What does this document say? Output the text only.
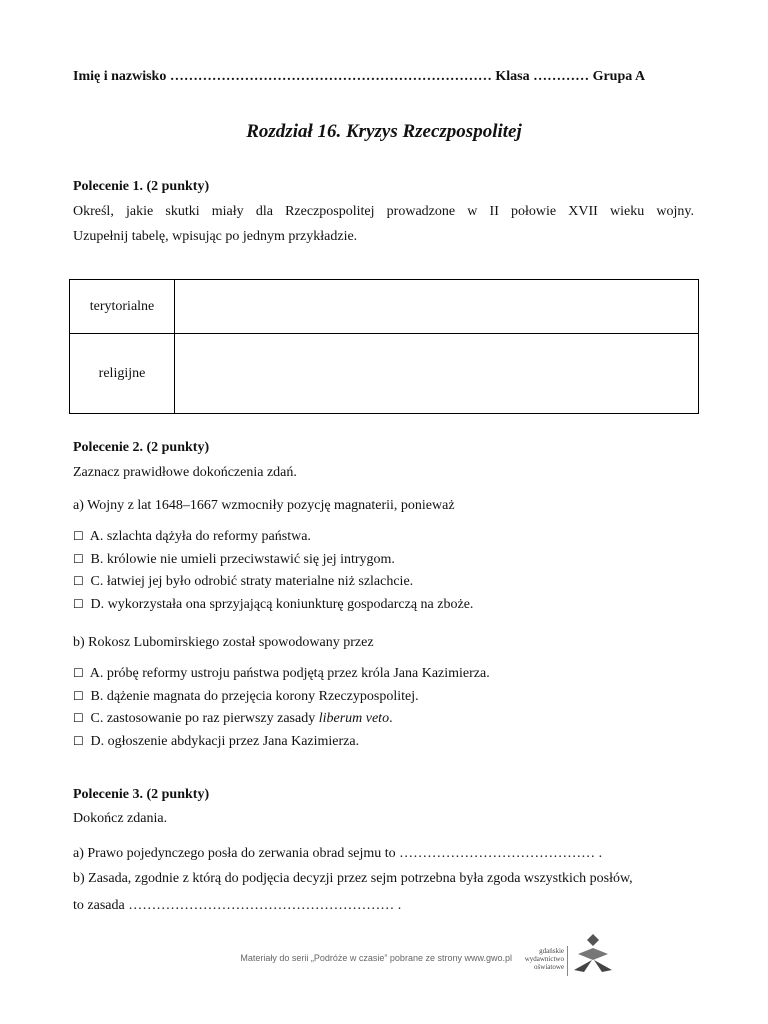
Imię i nazwisko …………………………………………………………… Klasa ………… Grupa A
Rozdział 16. Kryzys Rzeczpospolitej
Polecenie 1. (2 punkty)
Określ, jakie skutki miały dla Rzeczpospolitej prowadzone w II połowie XVII wieku wojny.
Uzupełnij tabelę, wpisując po jednym przykładzie.
terytorialne	
religijne	
Polecenie 2. (2 punkty)
Zaznacz prawidłowe dokończenia zdań.
a) Wojny z lat 1648–1667 wzmocniły pozycję magnaterii, ponieważ
☐ A. szlachta dążyła do reformy państwa.
☐ B. królowie nie umieli przeciwstawić się jej intrygom.
☐ C. łatwiej jej było odrobić straty materialne niż szlachcie.
☐ D. wykorzystała ona sprzyjającą koniunkturę gospodarczą na zboże.
b) Rokosz Lubomirskiego został spowodowany przez
☐ A. próbę reformy ustroju państwa podjętą przez króla Jana Kazimierza.
☐ B. dążenie magnata do przejęcia korony Rzeczypospolitej.
☐ C. zastosowanie po raz pierwszy zasady liberum veto.
☐ D. ogłoszenie abdykacji przez Jana Kazimierza.
Polecenie 3. (2 punkty)
Dokończ zdania.
a) Prawo pojedynczego posła do zerwania obrad sejmu to …………………………………… .
b) Zasada, zgodnie z którą do podjęcia decyzji przez sejm potrzebna była zgoda wszystkich posłów,
to zasada ………………………………………………… .
Materiały do serii „Podróże w czasie” pobrane ze strony www.gwo.pl
gdańskie
wydawnictwo
oświatowe
